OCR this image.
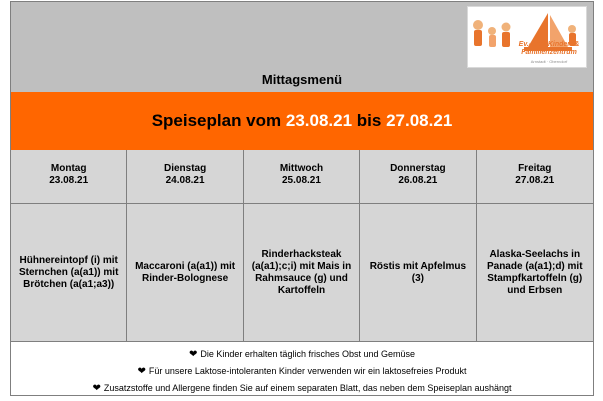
Ev.-luth. Kinder- &
Familienzentrum
Arnstadt · Oberndorf
Mittagsmenü
Speiseplan vom 23.08.21 bis 27.08.21
Montag
23.08.21
Dienstag
24.08.21
Mittwoch
25.08.21
Donnerstag
26.08.21
Freitag
27.08.21
Hühnereintopf (i) mit Sternchen (a(a1)) mit Brötchen (a(a1;a3))
Maccaroni (a(a1)) mit Rinder-Bolognese
Rinderhacksteak (a(a1);c;i) mit Mais in Rahmsauce (g) und Kartoffeln
Röstis mit Apfelmus (3)
Alaska-Seelachs in Panade (a(a1);d) mit Stampfkartoffeln (g) und Erbsen
❤ Die Kinder erhalten täglich frisches Obst und Gemüse
❤ Für unsere Laktose-intoleranten Kinder verwenden wir ein laktosefreies Produkt
❤ Zusatzstoffe und Allergene finden Sie auf einem separaten Blatt, das neben dem Speiseplan aushängt
